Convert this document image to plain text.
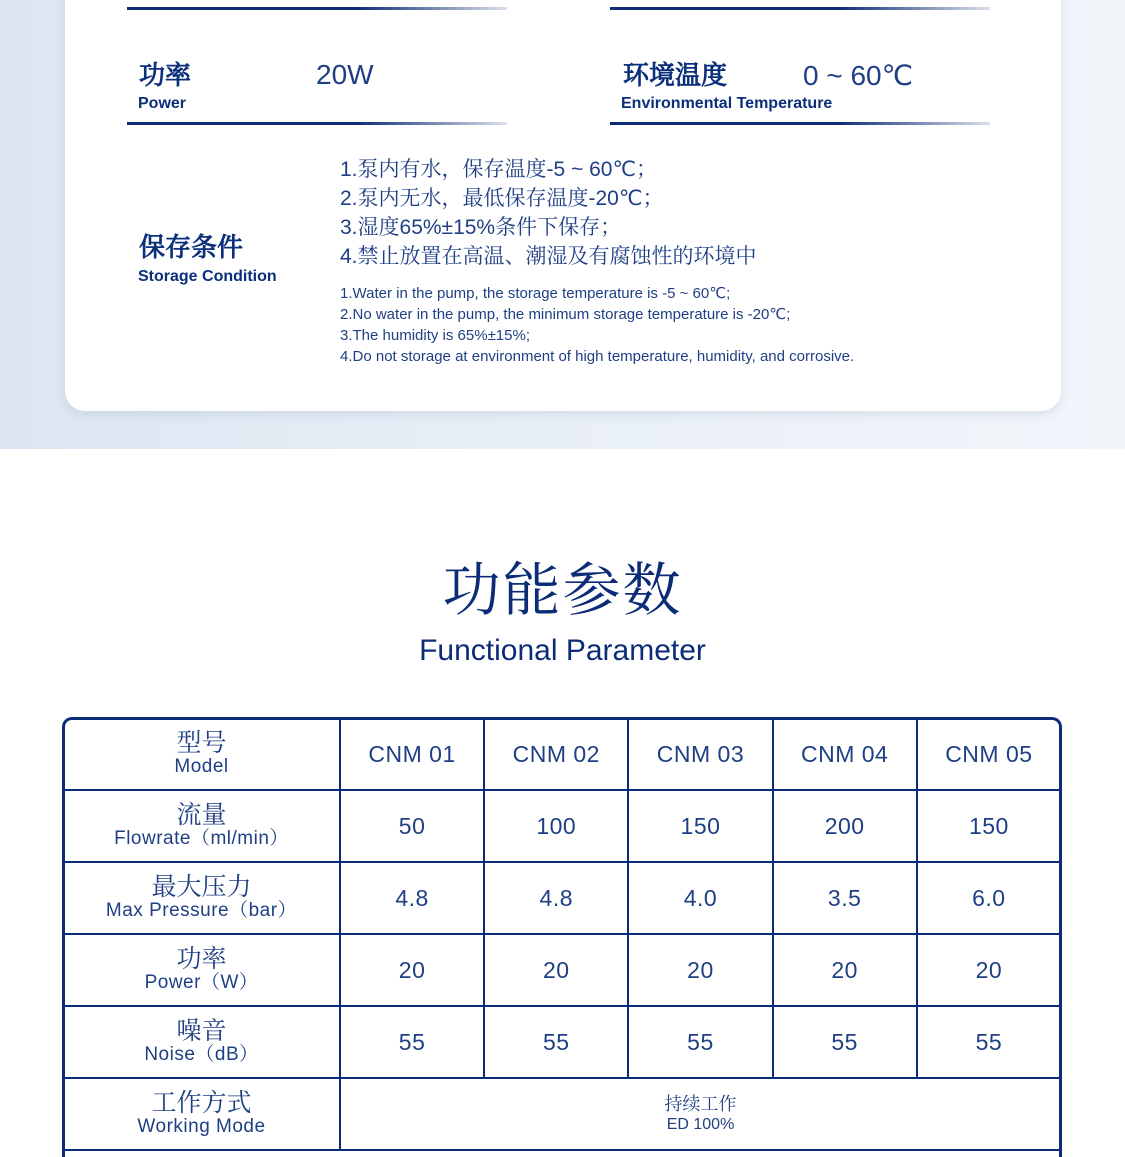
功率
Power
20W	环境温度
Environmental Temperature
0 ~ 60℃
保存条件
Storage Condition
1.泵内有水，保存温度-5 ~ 60℃；
2.泵内无水，最低保存温度-20℃；
3.湿度65%±15%条件下保存；
4.禁止放置在高温、潮湿及有腐蚀性的环境中
1.Water in the pump, the storage temperature is -5 ~ 60℃;
2.No water in the pump, the minimum storage temperature is -20℃;
3.The humidity is 65%±15%;
4.Do not storage at environment of high temperature, humidity, and corrosive.
功能参数
Functional Parameter
型号
Model	CNM 01	CNM 02	CNM 03	CNM 04	CNM 05

流量
Flowrate（ml/min）	50	100	150	200	150

最大压力
Max Pressure（bar）	4.8	4.8	4.0	3.5	6.0

功率
Power（W）	20	20	20	20	20

噪音
Noise（dB）	55	55	55	55	55

工作方式
Working Mode	持续工作
ED 100%				
